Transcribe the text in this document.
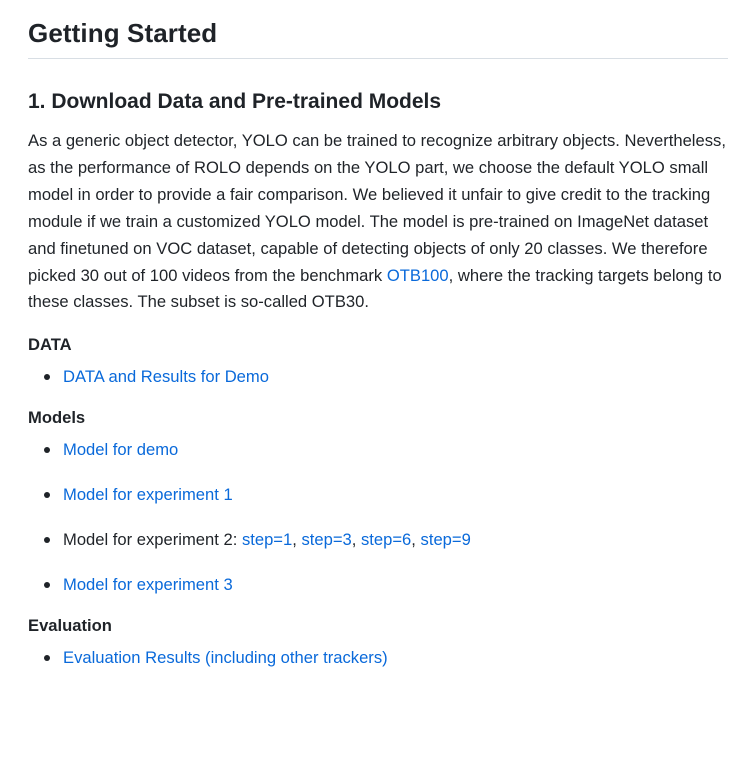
Getting Started
1. Download Data and Pre-trained Models

As a generic object detector, YOLO can be trained to recognize arbitrary objects. Nevertheless, as the performance of ROLO depends on the YOLO part, we choose the default YOLO small model in order to provide a fair comparison. We believed it unfair to give credit to the tracking module if we train a customized YOLO model. The model is pre-trained on ImageNet dataset and finetuned on VOC dataset, capable of detecting objects of only 20 classes. We therefore picked 30 out of 100 videos from the benchmark OTB100, where the tracking targets belong to these classes. The subset is so-called OTB30.

DATA
DATA and Results for Demo
Models
Model for demo
Model for experiment 1
Model for experiment 2: step=1, step=3, step=6, step=9
Model for experiment 3
Evaluation
Evaluation Results (including other trackers)
